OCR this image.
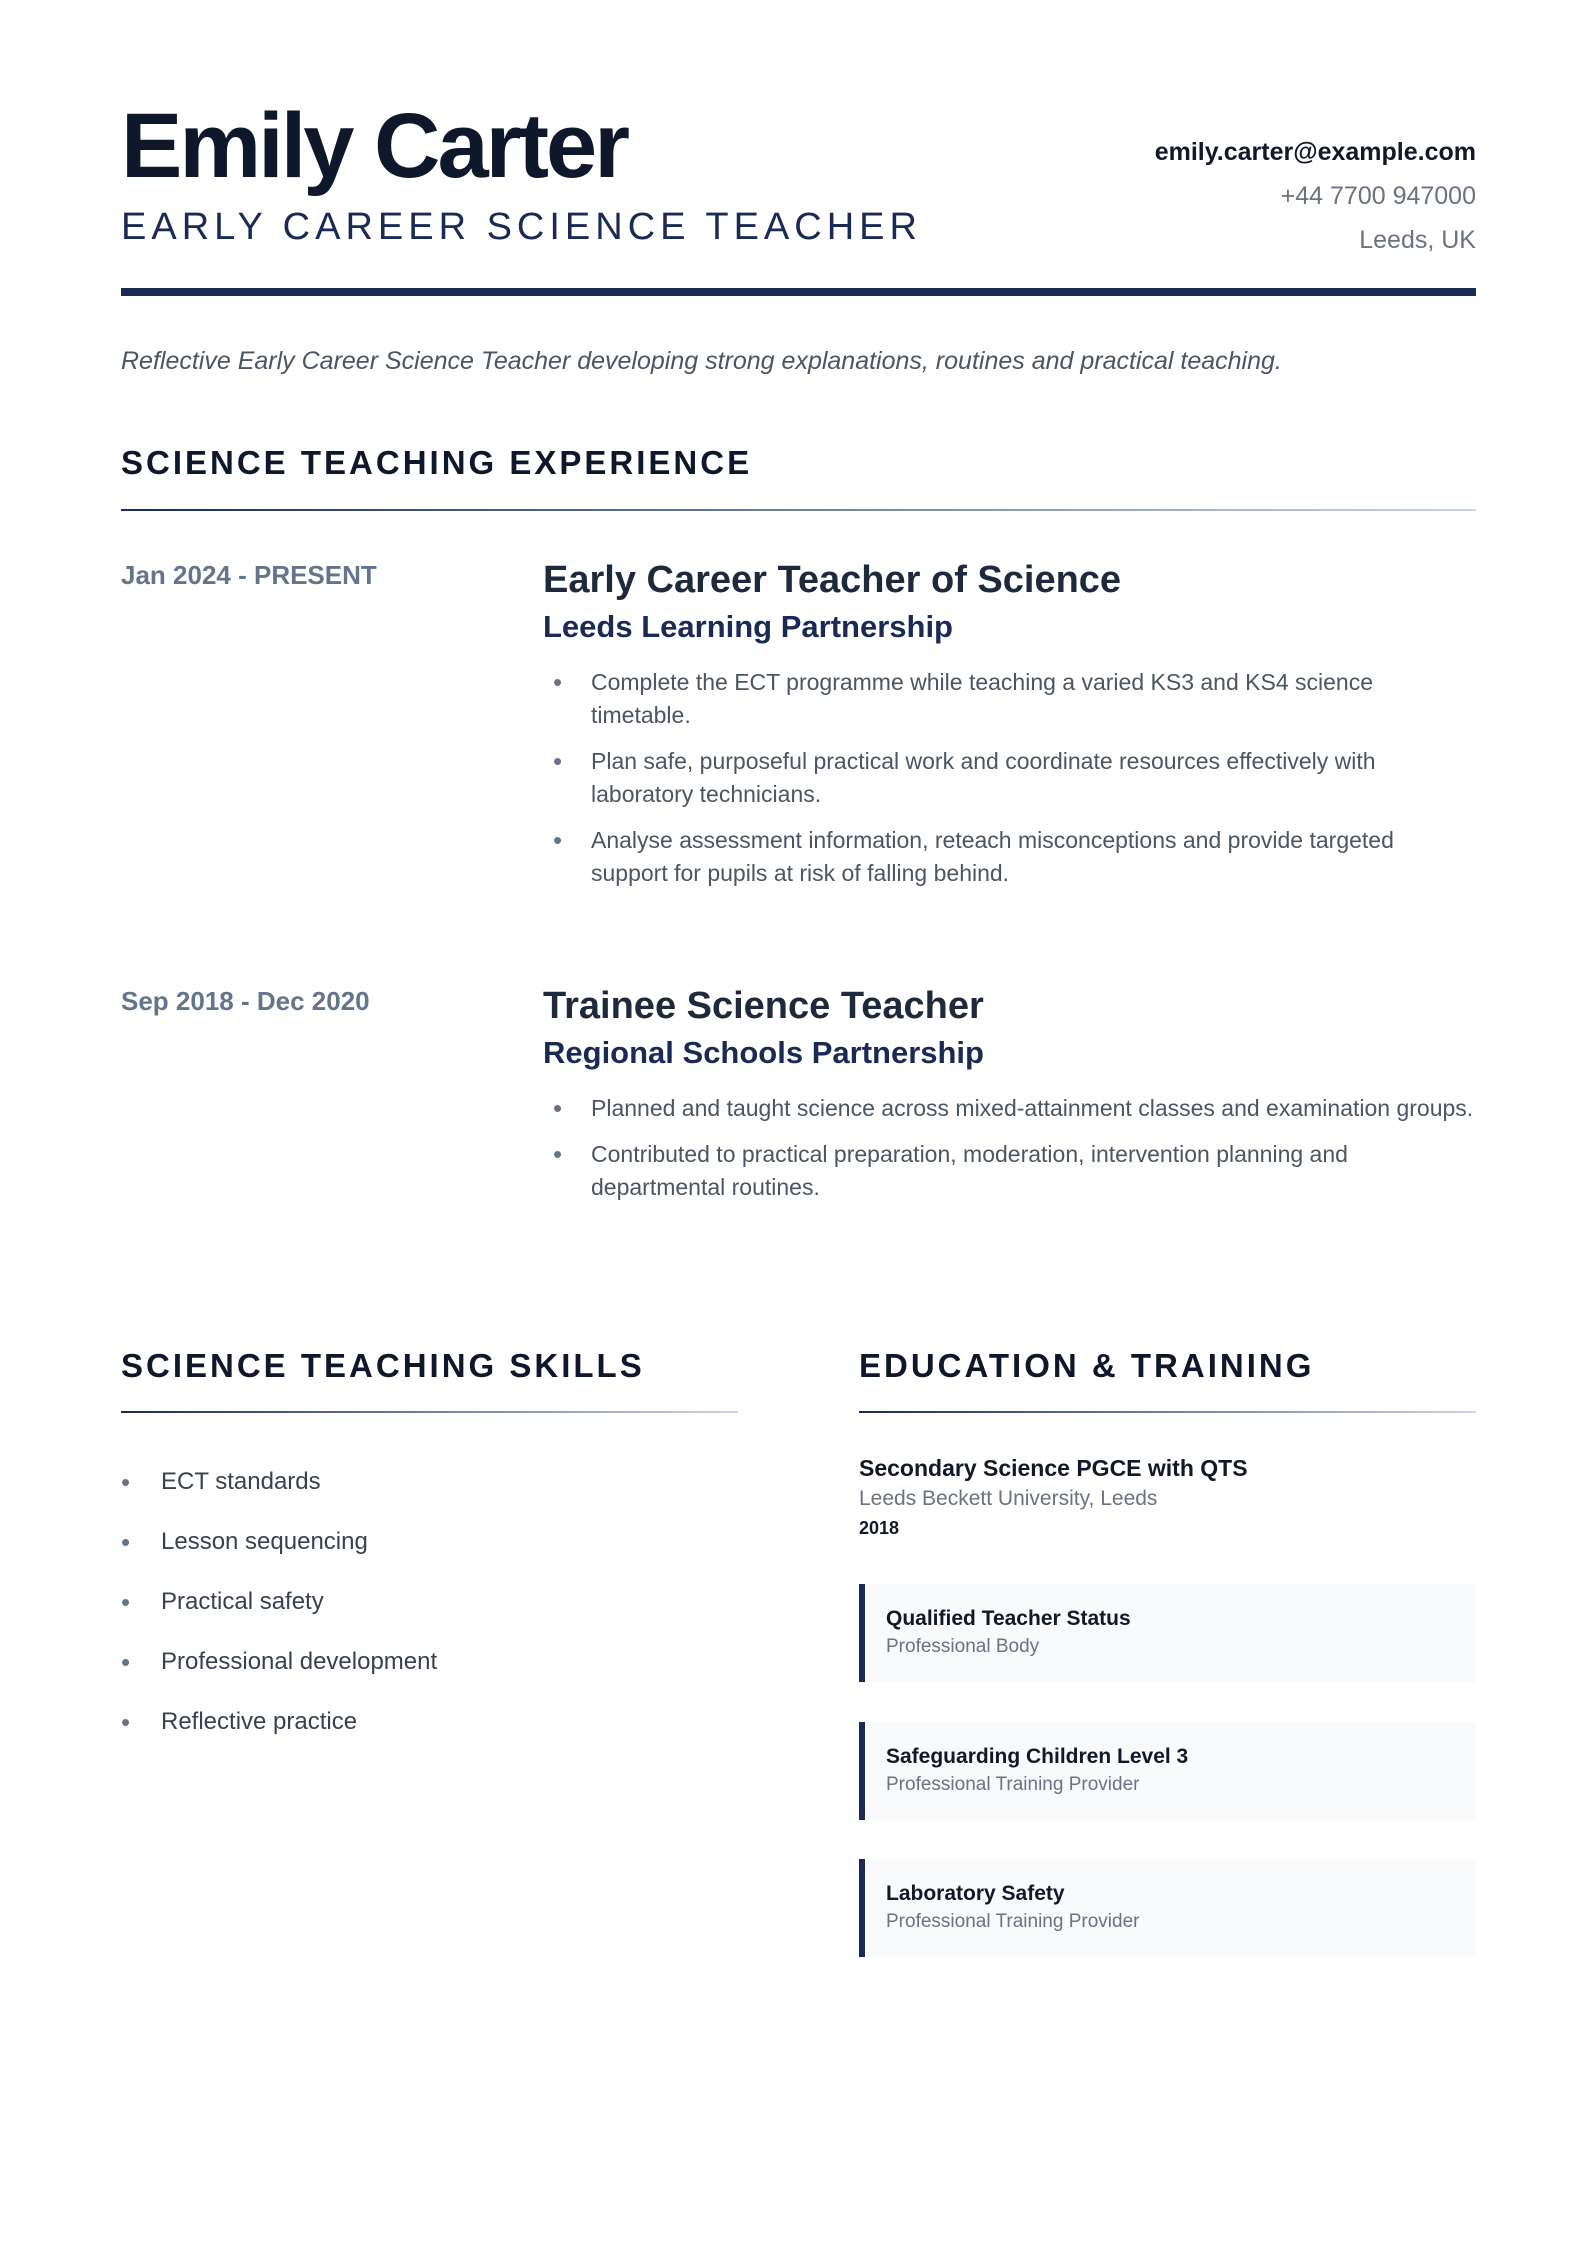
Emily Carter
EARLY CAREER SCIENCE TEACHER
emily.carter@example.com
+44 7700 947000
Leeds, UK
Reflective Early Career Science Teacher developing strong explanations, routines and practical teaching.
SCIENCE TEACHING EXPERIENCE
Jan 2024 - PRESENT	Early Career Teacher of Science
Leeds Learning Partnership
• Complete the ECT programme while teaching a varied KS3 and KS4 science timetable.
• Plan safe, purposeful practical work and coordinate resources effectively with laboratory technicians.
• Analyse assessment information, reteach misconceptions and provide targeted support for pupils at risk of falling behind.
Sep 2018 - Dec 2020	Trainee Science Teacher
Regional Schools Partnership
• Planned and taught science across mixed-attainment classes and examination groups.
• Contributed to practical preparation, moderation, intervention planning and departmental routines.
SCIENCE TEACHING SKILLS
• ECT standards
• Lesson sequencing
• Practical safety
• Professional development
• Reflective practice
EDUCATION & TRAINING
Secondary Science PGCE with QTS
Leeds Beckett University, Leeds
2018
Qualified Teacher Status
Professional Body
Safeguarding Children Level 3
Professional Training Provider
Laboratory Safety
Professional Training Provider
